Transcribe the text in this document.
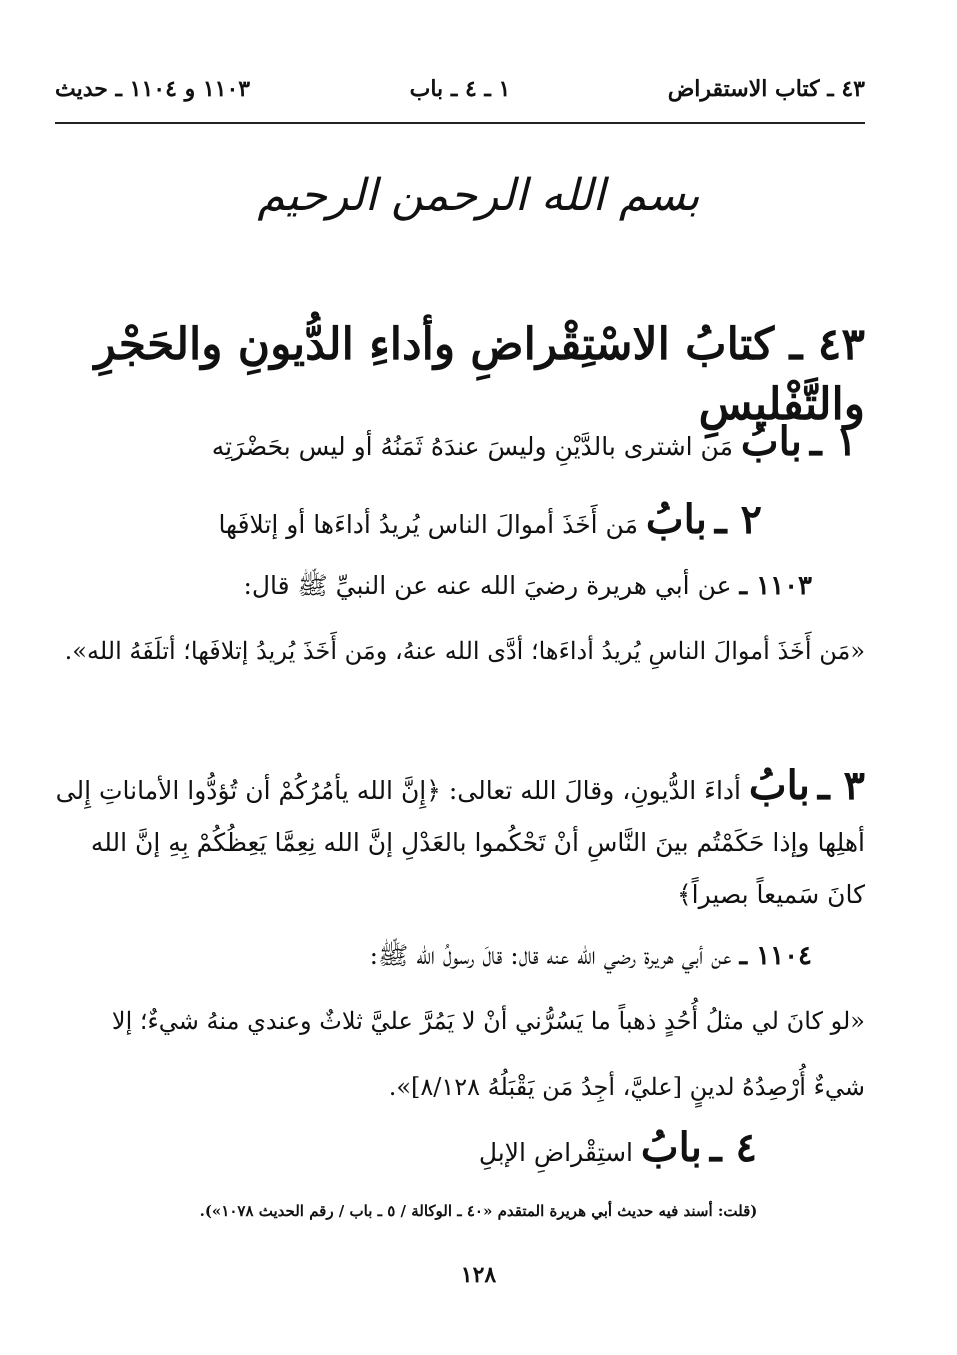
٤٣ ـ كتاب الاستقراض
١ ـ ٤ ـ باب
١١٠٣ و ١١٠٤ ـ حديث
بسم الله الرحمن الرحيم
٤٣ ـ كتابُ الاسْتِقْراضِ وأداءِ الدُّيونِ والحَجْرِ والتَّفْليسِ
١ ـ بابُ مَن اشترى بالدَّيْنِ وليسَ عندَهُ ثَمَنُهُ أو ليس بحَضْرَتِه
٢ ـ بابُ مَن أَخَذَ أموالَ الناس يُريدُ أداءَها أو إتلافَها
١١٠٣ ـ عن أبي هريرة رضيَ الله عنه عن النبيِّ ﷺ قال:
«مَن أَخَذَ أموالَ الناسِ يُريدُ أداءَها؛ أدَّى الله عنهُ، ومَن أَخَذَ يُريدُ إتلافَها؛ أتلَفَهُ الله».
٣ ـ بابُ أداءَ الدُّيونِ، وقالَ الله تعالى: ﴿إِنَّ الله يأمُرُكُمْ أن تُؤدُّوا الأماناتِ إِلى أهلِها وإذا حَكَمْتُم بينَ النَّاسِ أنْ تَحْكُموا بالعَدْلِ إنَّ الله نِعِمَّا يَعِظُكُمْ بِهِ إنَّ الله كانَ سَميعاً بصيراً﴾
١١٠٤ ـ عن أبي هريرة رضي الله عنه قال: قالَ رسولُ الله ﷺ:
«لو كانَ لي مثلُ أُحُدٍ ذهباً ما يَسُرُّني أنْ لا يَمُرَّ عليَّ ثلاثٌ وعندي منهُ شيءٌ؛ إلا شيءٌ أُرْصِدُهُ لدينٍ [عليَّ، أجِدُ مَن يَقْبَلُهُ ٨/١٢٨]».
٤ ـ بابُ استِقْراضِ الإبلِ
(قلت: أسند فيه حديث أبي هريرة المتقدم «٤٠ ـ الوكالة / ٥ ـ باب / رقم الحديث ١٠٧٨»).
١٢٨
